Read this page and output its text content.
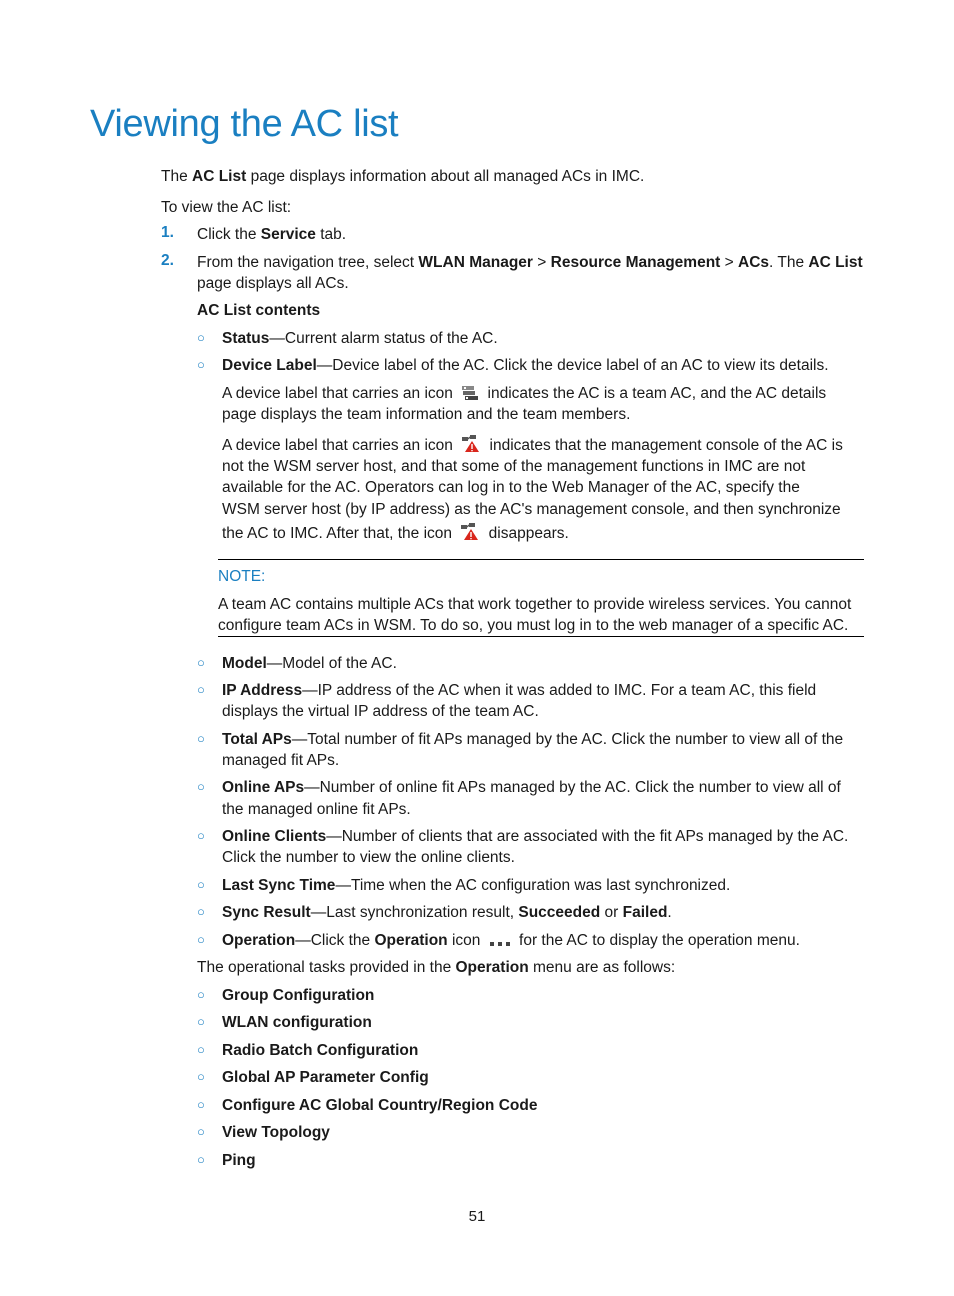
Viewing the AC list
The AC List page displays information about all managed ACs in IMC.
To view the AC list:
1. Click the Service tab.
2. From the navigation tree, select WLAN Manager > Resource Management > ACs. The AC List
page displays all ACs.
AC List contents
○ Status—Current alarm status of the AC.
○ Device Label—Device label of the AC. Click the device label of an AC to view its details.
A device label that carries an icon indicates the AC is a team AC, and the AC details
page displays the team information and the team members.
A device label that carries an icon indicates that the management console of the AC is
not the WSM server host, and that some of the management functions in IMC are not
available for the AC. Operators can log in to the Web Manager of the AC, specify the
WSM server host (by IP address) as the AC's management console, and then synchronize
the AC to IMC. After that, the icon disappears.
NOTE:
A team AC contains multiple ACs that work together to provide wireless services. You cannot
configure team ACs in WSM. To do so, you must log in to the web manager of a specific AC.
○ Model—Model of the AC.
○ IP Address—IP address of the AC when it was added to IMC. For a team AC, this field
displays the virtual IP address of the team AC.
○ Total APs—Total number of fit APs managed by the AC. Click the number to view all of the
managed fit APs.
○ Online APs—Number of online fit APs managed by the AC. Click the number to view all of
the managed online fit APs.
○ Online Clients—Number of clients that are associated with the fit APs managed by the AC.
Click the number to view the online clients.
○ Last Sync Time—Time when the AC configuration was last synchronized.
○ Sync Result—Last synchronization result, Succeeded or Failed.
○ Operation—Click the Operation icon for the AC to display the operation menu.
The operational tasks provided in the Operation menu are as follows:
○ Group Configuration
○ WLAN configuration
○ Radio Batch Configuration
○ Global AP Parameter Config
○ Configure AC Global Country/Region Code
○ View Topology
○ Ping
51
